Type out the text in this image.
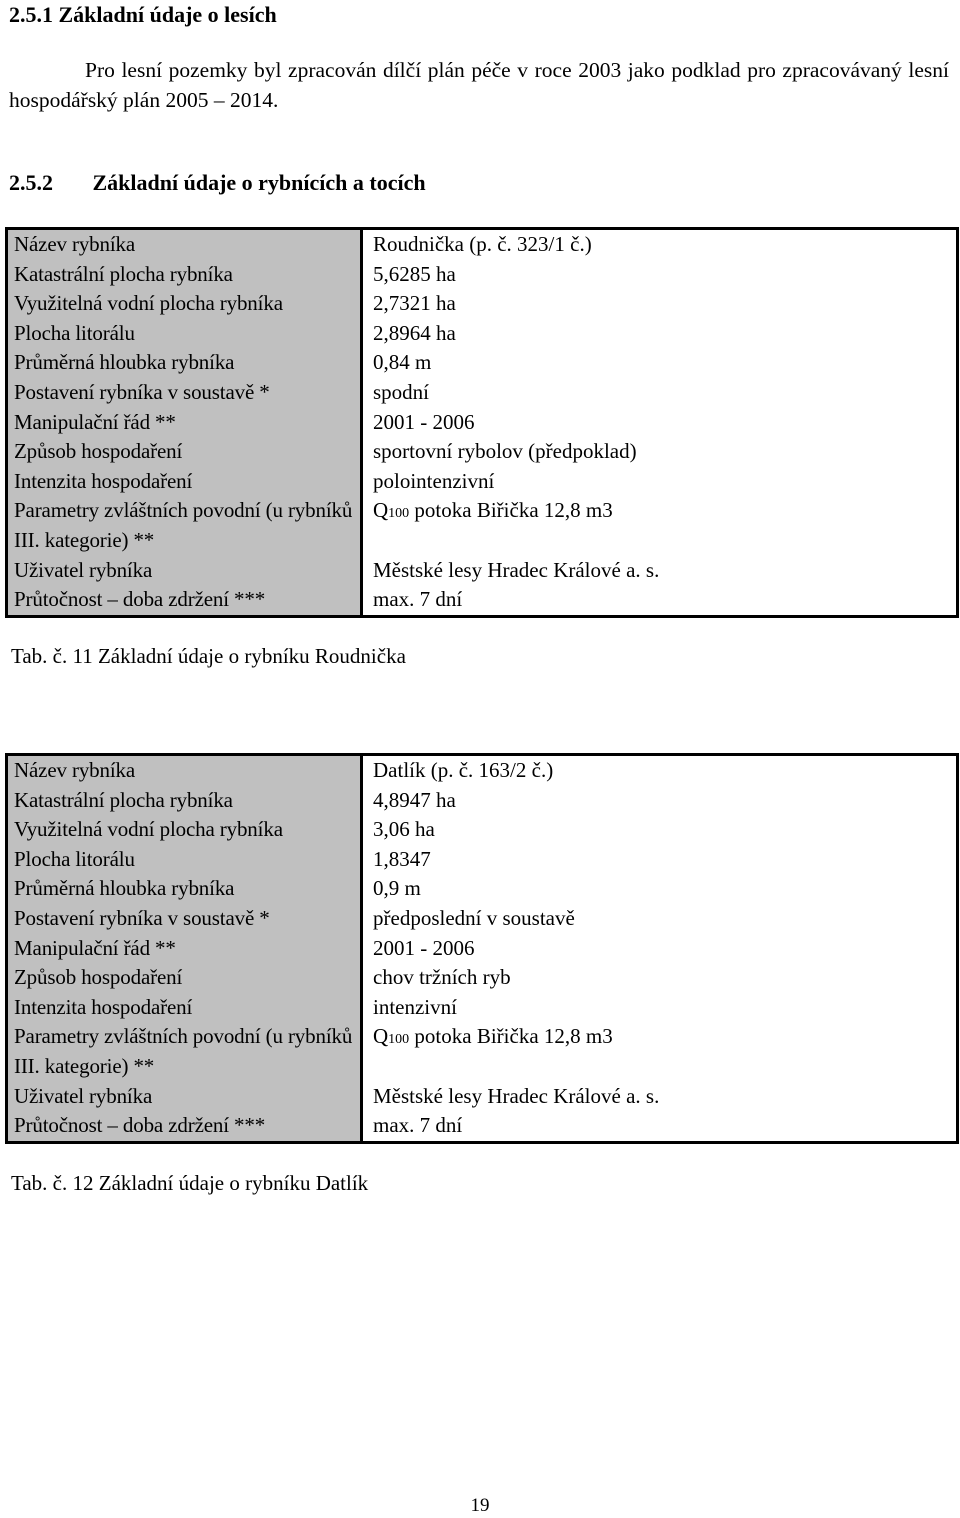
2.5.1 Základní údaje o lesích

Pro lesní pozemky byl zpracován dílčí plán péče v roce 2003 jako podklad pro zpracovávaný lesní hospodářský plán 2005 – 2014.

2.5.2 Základní údaje o rybnících a tocích
Název rybníka	Roudnička (p. č. 323/1 č.)
Katastrální plocha rybníka	5,6285 ha
Využitelná vodní plocha rybníka	2,7321 ha
Plocha litorálu	2,8964 ha
Průměrná hloubka rybníka	0,84 m
Postavení rybníka v soustavě *	spodní
Manipulační řád **	2001 - 2006
Způsob hospodaření	sportovní rybolov (předpoklad)
Intenzita hospodaření	polointenzivní
Parametry zvláštních povodní (u rybníků III. kategorie) **	Q100 potoka Biřička 12,8 m3
Uživatel rybníka	Městské lesy Hradec Králové a. s.
Průtočnost – doba zdržení ***	max. 7 dní

Tab. č. 11 Základní údaje o rybníku Roudnička

Název rybníka	Datlík (p. č. 163/2 č.)
Katastrální plocha rybníka	4,8947 ha
Využitelná vodní plocha rybníka	3,06 ha
Plocha litorálu	1,8347
Průměrná hloubka rybníka	0,9 m
Postavení rybníka v soustavě *	předposlední v soustavě
Manipulační řád **	2001 - 2006
Způsob hospodaření	chov tržních ryb
Intenzita hospodaření	intenzivní
Parametry zvláštních povodní (u rybníků III. kategorie) **	Q100 potoka Biřička 12,8 m3
Uživatel rybníka	Městské lesy Hradec Králové a. s.
Průtočnost – doba zdržení ***	max. 7 dní

Tab. č. 12 Základní údaje o rybníku Datlík

19
